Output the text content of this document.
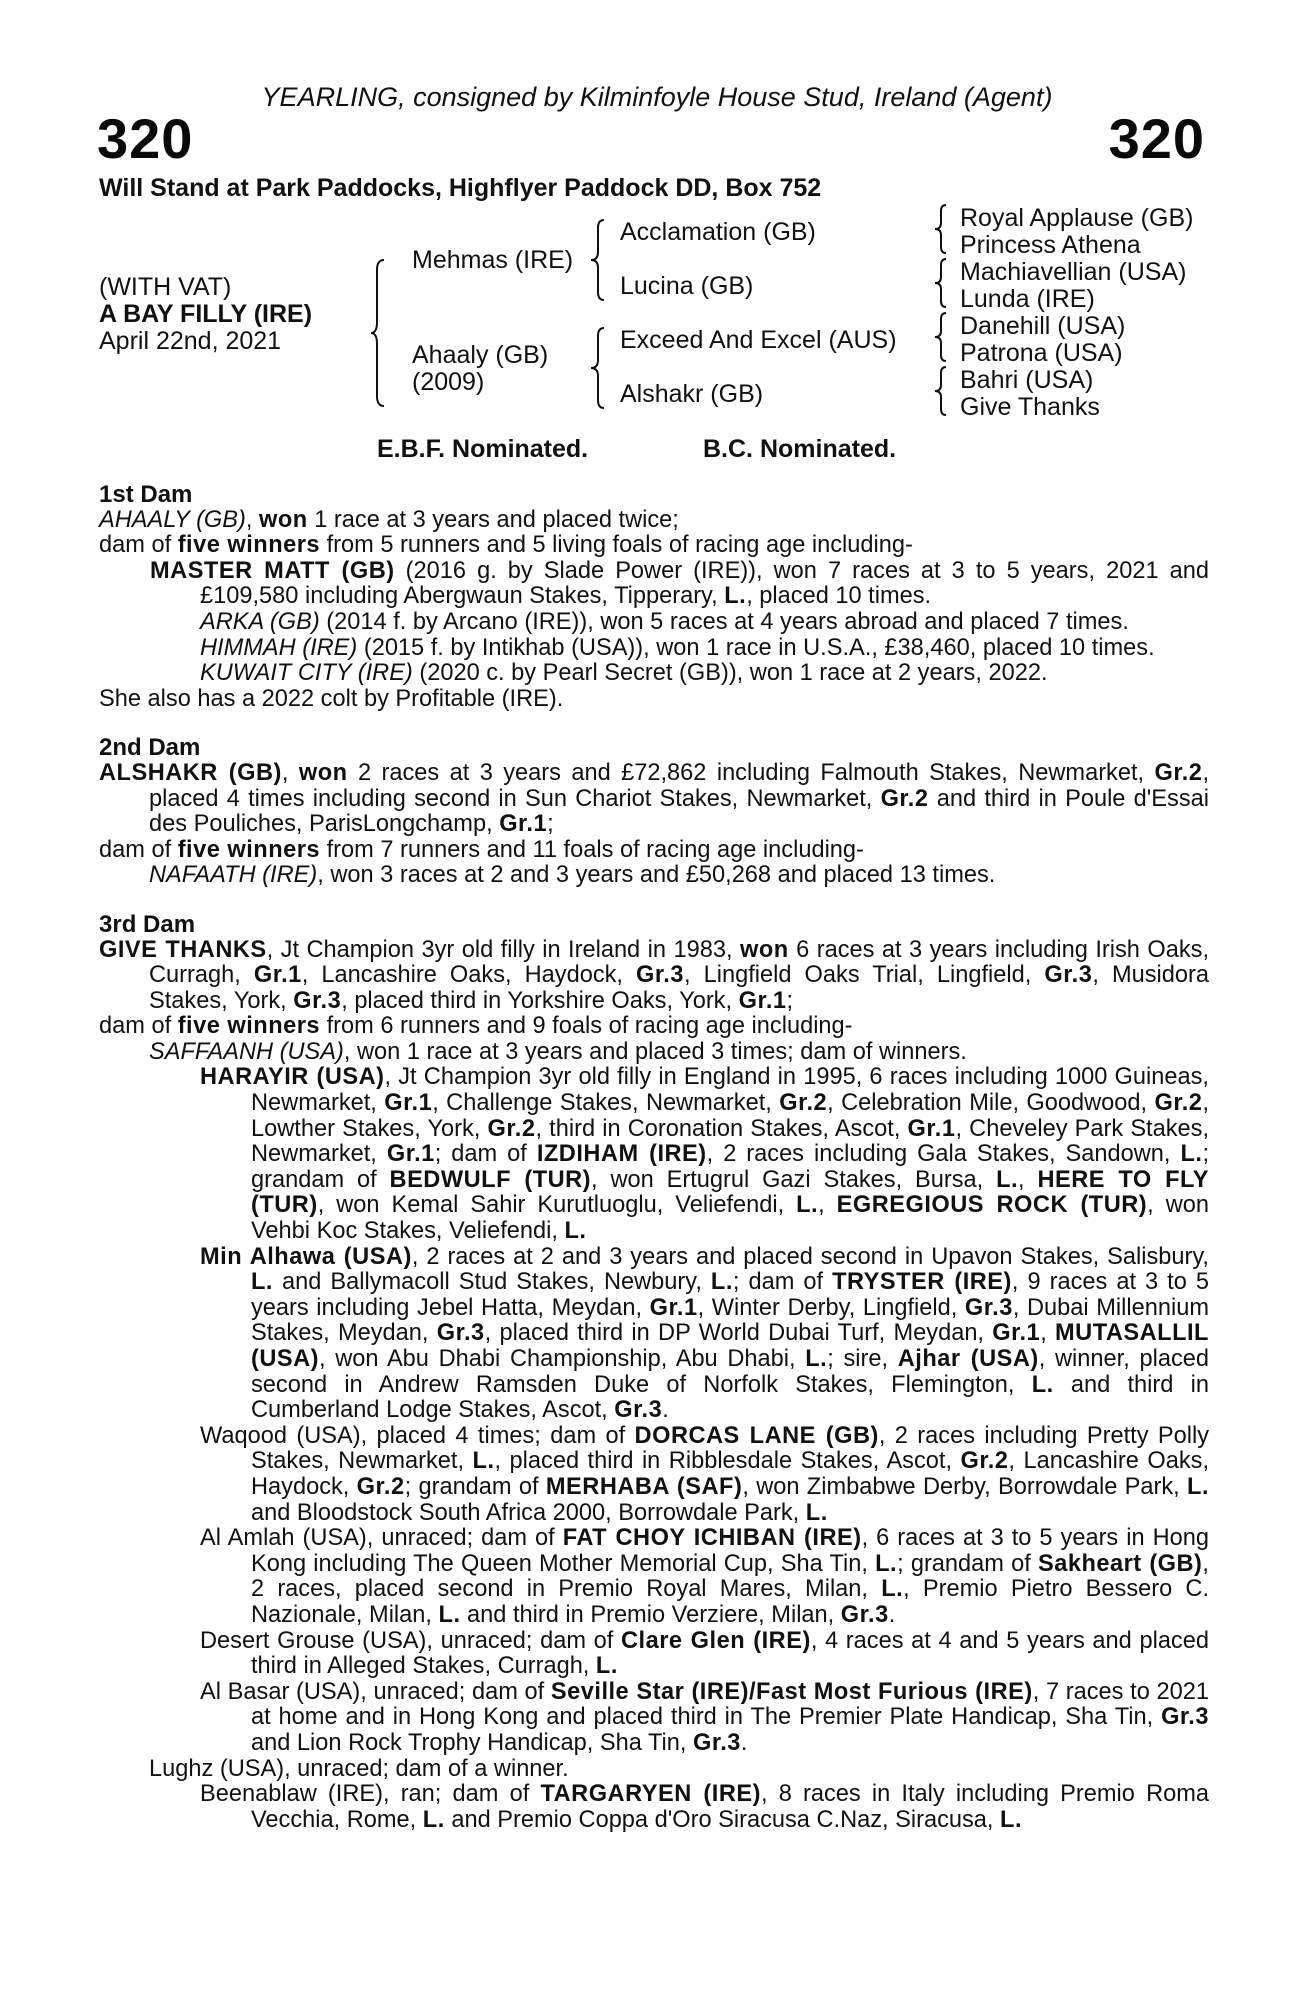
YEARLING, consigned by Kilminfoyle House Stud, Ireland (Agent)
320	320
Will Stand at Park Paddocks, Highflyer Paddock DD, Box 752
(WITH VAT)
A BAY FILLY (IRE)
April 22nd, 2021
Mehmas (IRE)
Ahaaly (GB)
(2009)
Acclamation (GB)
Lucina (GB)
Exceed And Excel (AUS)
Alshakr (GB)
Royal Applause (GB)
Princess Athena
Machiavellian (USA)
Lunda (IRE)
Danehill (USA)
Patrona (USA)
Bahri (USA)
Give Thanks
E.B.F. Nominated.	B.C. Nominated.
1st Dam
AHAALY (GB), won 1 race at 3 years and placed twice;
dam of five winners from 5 runners and 5 living foals of racing age including-
MASTER MATT (GB) (2016 g. by Slade Power (IRE)), won 7 races at 3 to 5 years, 2021 and £109,580 including Abergwaun Stakes, Tipperary, L., placed 10 times.
ARKA (GB) (2014 f. by Arcano (IRE)), won 5 races at 4 years abroad and placed 7 times.
HIMMAH (IRE) (2015 f. by Intikhab (USA)), won 1 race in U.S.A., £38,460, placed 10 times.
KUWAIT CITY (IRE) (2020 c. by Pearl Secret (GB)), won 1 race at 2 years, 2022.
She also has a 2022 colt by Profitable (IRE).
2nd Dam
ALSHAKR (GB), won 2 races at 3 years and £72,862 including Falmouth Stakes, Newmarket, Gr.2, placed 4 times including second in Sun Chariot Stakes, Newmarket, Gr.2 and third in Poule d'Essai des Pouliches, ParisLongchamp, Gr.1;
dam of five winners from 7 runners and 11 foals of racing age including-
NAFAATH (IRE), won 3 races at 2 and 3 years and £50,268 and placed 13 times.
3rd Dam
GIVE THANKS, Jt Champion 3yr old filly in Ireland in 1983, won 6 races at 3 years including Irish Oaks, Curragh, Gr.1, Lancashire Oaks, Haydock, Gr.3, Lingfield Oaks Trial, Lingfield, Gr.3, Musidora Stakes, York, Gr.3, placed third in Yorkshire Oaks, York, Gr.1;
dam of five winners from 6 runners and 9 foals of racing age including-
SAFFAANH (USA), won 1 race at 3 years and placed 3 times; dam of winners.
HARAYIR (USA), Jt Champion 3yr old filly in England in 1995, 6 races including 1000 Guineas, Newmarket, Gr.1, Challenge Stakes, Newmarket, Gr.2, Celebration Mile, Goodwood, Gr.2, Lowther Stakes, York, Gr.2, third in Coronation Stakes, Ascot, Gr.1, Cheveley Park Stakes, Newmarket, Gr.1; dam of IZDIHAM (IRE), 2 races including Gala Stakes, Sandown, L.; grandam of BEDWULF (TUR), won Ertugrul Gazi Stakes, Bursa, L., HERE TO FLY (TUR), won Kemal Sahir Kurutluoglu, Veliefendi, L., EGREGIOUS ROCK (TUR), won Vehbi Koc Stakes, Veliefendi, L.
Min Alhawa (USA), 2 races at 2 and 3 years and placed second in Upavon Stakes, Salisbury, L. and Ballymacoll Stud Stakes, Newbury, L.; dam of TRYSTER (IRE), 9 races at 3 to 5 years including Jebel Hatta, Meydan, Gr.1, Winter Derby, Lingfield, Gr.3, Dubai Millennium Stakes, Meydan, Gr.3, placed third in DP World Dubai Turf, Meydan, Gr.1, MUTASALLIL (USA), won Abu Dhabi Championship, Abu Dhabi, L.; sire, Ajhar (USA), winner, placed second in Andrew Ramsden Duke of Norfolk Stakes, Flemington, L. and third in Cumberland Lodge Stakes, Ascot, Gr.3.
Waqood (USA), placed 4 times; dam of DORCAS LANE (GB), 2 races including Pretty Polly Stakes, Newmarket, L., placed third in Ribblesdale Stakes, Ascot, Gr.2, Lancashire Oaks, Haydock, Gr.2; grandam of MERHABA (SAF), won Zimbabwe Derby, Borrowdale Park, L. and Bloodstock South Africa 2000, Borrowdale Park, L.
Al Amlah (USA), unraced; dam of FAT CHOY ICHIBAN (IRE), 6 races at 3 to 5 years in Hong Kong including The Queen Mother Memorial Cup, Sha Tin, L.; grandam of Sakheart (GB), 2 races, placed second in Premio Royal Mares, Milan, L., Premio Pietro Bessero C. Nazionale, Milan, L. and third in Premio Verziere, Milan, Gr.3.
Desert Grouse (USA), unraced; dam of Clare Glen (IRE), 4 races at 4 and 5 years and placed third in Alleged Stakes, Curragh, L.
Al Basar (USA), unraced; dam of Seville Star (IRE)/Fast Most Furious (IRE), 7 races to 2021 at home and in Hong Kong and placed third in The Premier Plate Handicap, Sha Tin, Gr.3 and Lion Rock Trophy Handicap, Sha Tin, Gr.3.
Lughz (USA), unraced; dam of a winner.
Beenablaw (IRE), ran; dam of TARGARYEN (IRE), 8 races in Italy including Premio Roma Vecchia, Rome, L. and Premio Coppa d'Oro Siracusa C.Naz, Siracusa, L.
